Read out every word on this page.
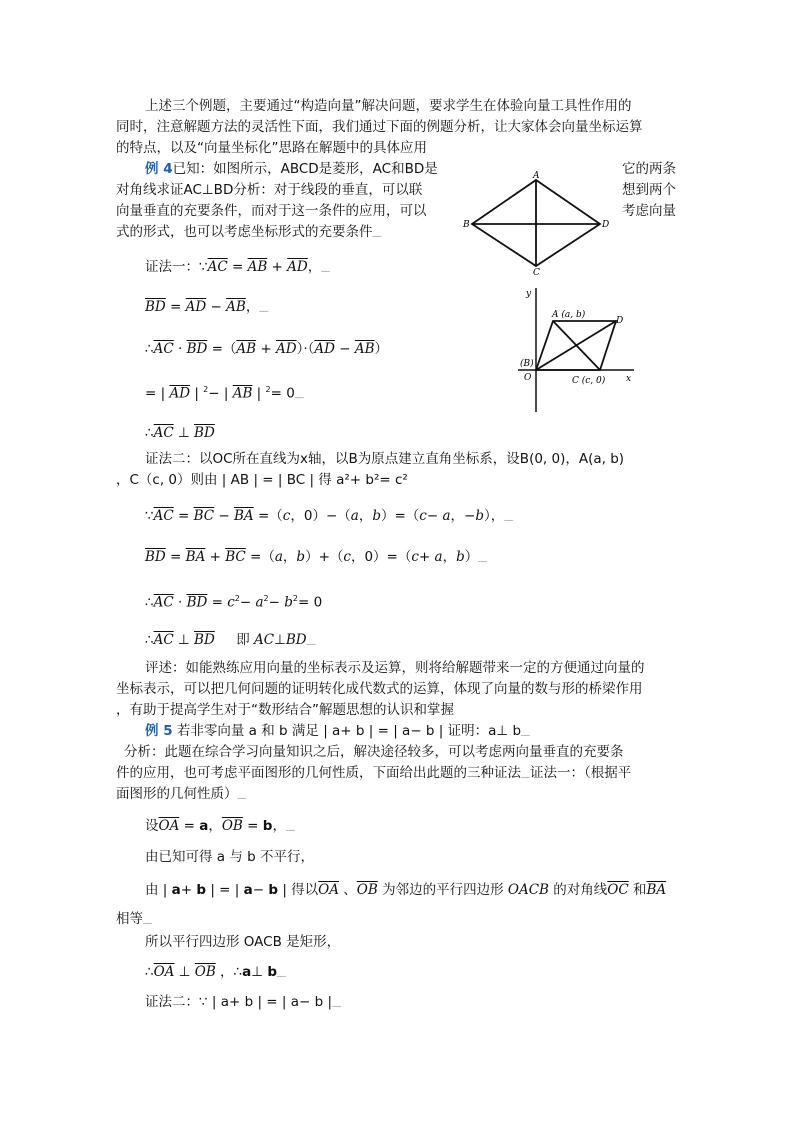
上述三个例题，主要通过“构造向量”解决问题，要求学生在体验向量工具性作用的
同时，注意解题方法的灵活性下面，我们通过下面的例题分析，让大家体会向量坐标运算
的特点，以及“向量坐标化”思路在解题中的具体应用
例 4已知：如图所示，ABCD是菱形，AC和BD是	它的两条
对角线求证AC⊥BD分析：对于线段的垂直，可以联	想到两个
向量垂直的充要条件，而对于这一条件的应用，可以	考虑向量
式的形式，也可以考虑坐标形式的充要条件﹏
A
B
C
D
证法一：$\because\overline{AC} = \overline{AB} + \overline{AD}$，﹏
$\overline{BD} = \overline{AD} - \overline{AB}$，﹏
$\therefore\overline{AC} \cdot \overline{BD} =(\overline{AB} + \overline{AD})\cdot(\overline{AD} - \overline{AB})$
= | $\overline{AD}$ | $^2$− | $\overline{AB}$ | $^2$= 0﹏
$\therefore\overline{AC}$ ⊥ $\overline{BD}$
y
x
A (a, b)
D
(B)
O	C (c, 0)
证法二：以OC所在直线为x轴，以B为原点建立直角坐标系，设B(0, 0)，A(a, b)
，C（c, 0）则由 | AB | = | BC | 得 a²+ b²= c²
$\because\overline{AC} = \overline{BC} - \overline{BA} =(c$，0）−（a，b）=（c− a，−b），﹏
$\overline{BD} = \overline{BA} + \overline{BC} =(a$，b）+（c，0）=（c+ a，b）﹏
$\therefore\overline{AC} \cdot \overline{BD} = c^2- a^2- b^2= 0$
$\therefore\overline{AC}$ ⊥ $\overline{BD}$     即 AC⊥BD﹏
评述：如能熟练应用向量的坐标表示及运算，则将给解题带来一定的方便通过向量的
坐标表示，可以把几何问题的证明转化成代数式的运算，体现了向量的数与形的桥梁作用
，有助于提高学生对于“数形结合”解题思想的认识和掌握
例 5 若非零向量 a 和 b 满足 | a+ b | = | a− b | 证明：a⊥ b﹏
分析：此题在综合学习向量知识之后，解决途径较多，可以考虑两向量垂直的充要条
件的应用，也可考虑平面图形的几何性质，下面给出此题的三种证法﹏证法一：（根据平
面图形的几何性质）﹏
设$\overline{OA} = a$，$\overline{OB} = b$，﹏
由已知可得 a 与 b 不平行，
由 | a+ b | = | a− b | 得以$\overline{OA}$ 、$\overline{OB}$ 为邻边的平行四边形 OACB 的对角线$\overline{OC}$ 和$\overline{BA}$
相等﹏
所以平行四边形 OACB 是矩形，
$\therefore\overline{OA}$ ⊥ $\overline{OB}$ ，∴a⊥ b﹏
证法二：∵ | a+ b | = | a− b |﹏
